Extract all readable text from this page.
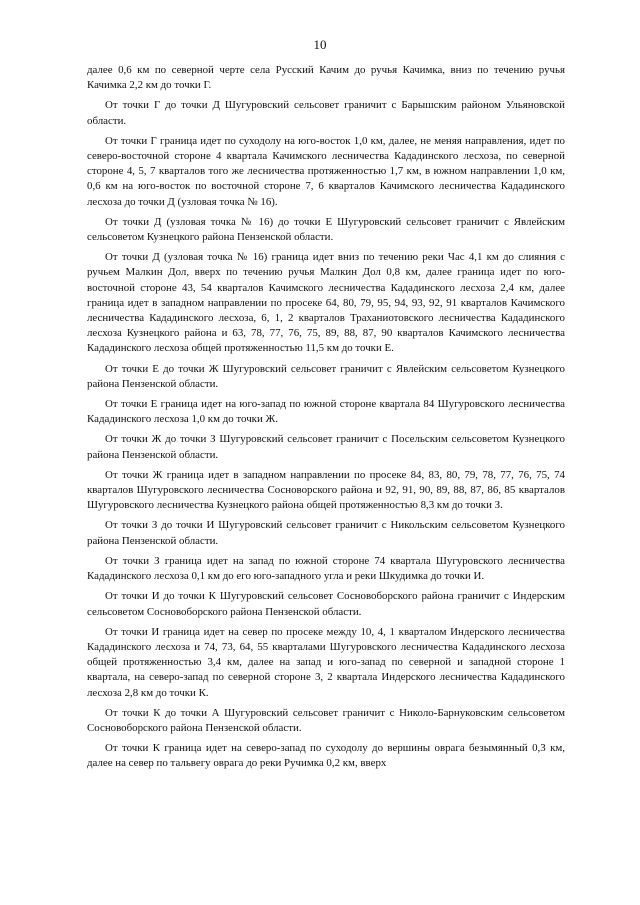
10

далее 0,6 км по северной черте села Русский Качим до ручья Качимка, вниз по течению ручья Качимка 2,2 км до точки Г.

От точки Г до точки Д Шугуровский сельсовет граничит с Барышским районом Ульяновской области.

От точки Г граница идет по суходолу на юго-восток 1,0 км, далее, не меняя направления, идет по северо-восточной стороне 4 квартала Качимского лесничества Кададинского лесхоза, по северной стороне 4, 5, 7 кварталов того же лесничества протяженностью 1,7 км, в южном направлении 1,0 км, 0,6 км на юго-восток по восточной стороне 7, 6 кварталов Качимского лесничества Кададинского лесхоза до точки Д (узловая точка № 16).

От точки Д (узловая точка № 16) до точки Е Шугуровский сельсовет граничит с Явлейским сельсоветом Кузнецкого района Пензенской области.

От точки Д (узловая точка № 16) граница идет вниз по течению реки Час 4,1 км до слияния с ручьем Малкин Дол, вверх по течению ручья Малкин Дол 0,8 км, далее граница идет по юго-восточной стороне 43, 54 кварталов Качимского лесничества Кададинского лесхоза 2,4 км, далее граница идет в западном направлении по просеке 64, 80, 79, 95, 94, 93, 92, 91 кварталов Качимского лесничества Кададинского лесхоза, 6, 1, 2 кварталов Траханиотовского лесничества Кададинского лесхоза Кузнецкого района и 63, 78, 77, 76, 75, 89, 88, 87, 90 кварталов Качимского лесничества Кададинского лесхоза общей протяженностью 11,5 км до точки Е.

От точки Е до точки Ж Шугуровский сельсовет граничит с Явлейским сельсоветом Кузнецкого района Пензенской области.

От точки Е граница идет на юго-запад по южной стороне квартала 84 Шугуровского лесничества Кададинского лесхоза 1,0 км до точки Ж.

От точки Ж до точки З Шугуровский сельсовет граничит с Посельским сельсоветом Кузнецкого района Пензенской области.

От точки Ж граница идет в западном направлении по просеке 84, 83, 80, 79, 78, 77, 76, 75, 74 кварталов Шугуровского лесничества Сосноворского района и 92, 91, 90, 89, 88, 87, 86, 85 кварталов Шугуровского лесничества Кузнецкого района общей протяженностью 8,3 км до точки З.

От точки З до точки И Шугуровский сельсовет граничит с Никольским сельсоветом Кузнецкого района Пензенской области.

От точки З граница идет на запад по южной стороне 74 квартала Шугуровского лесничества Кададинского лесхоза 0,1 км до его юго-западного угла и реки Шкудимка до точки И.

От точки И до точки К Шугуровский сельсовет Сосновоборского района граничит с Индерским сельсоветом Сосновоборского района Пензенской области.

От точки И граница идет на север по просеке между 10, 4, 1 кварталом Индерского лесничества Кададинского лесхоза и 74, 73, 64, 55 кварталами Шугуровского лесничества Кададинского лесхоза общей протяженностью 3,4 км, далее на запад и юго-запад по северной и западной стороне 1 квартала, на северо-запад по северной стороне 3, 2 квартала Индерского лесничества Кададинского лесхоза 2,8 км до точки К.

От точки К до точки А Шугуровский сельсовет граничит с Николо-Барнуковским сельсоветом Сосновоборского района Пензенской области.

От точки К граница идет на северо-запад по суходолу до вершины оврага безымянный 0,3 км, далее на север по тальвегу оврага до реки Ручимка 0,2 км, вверх
